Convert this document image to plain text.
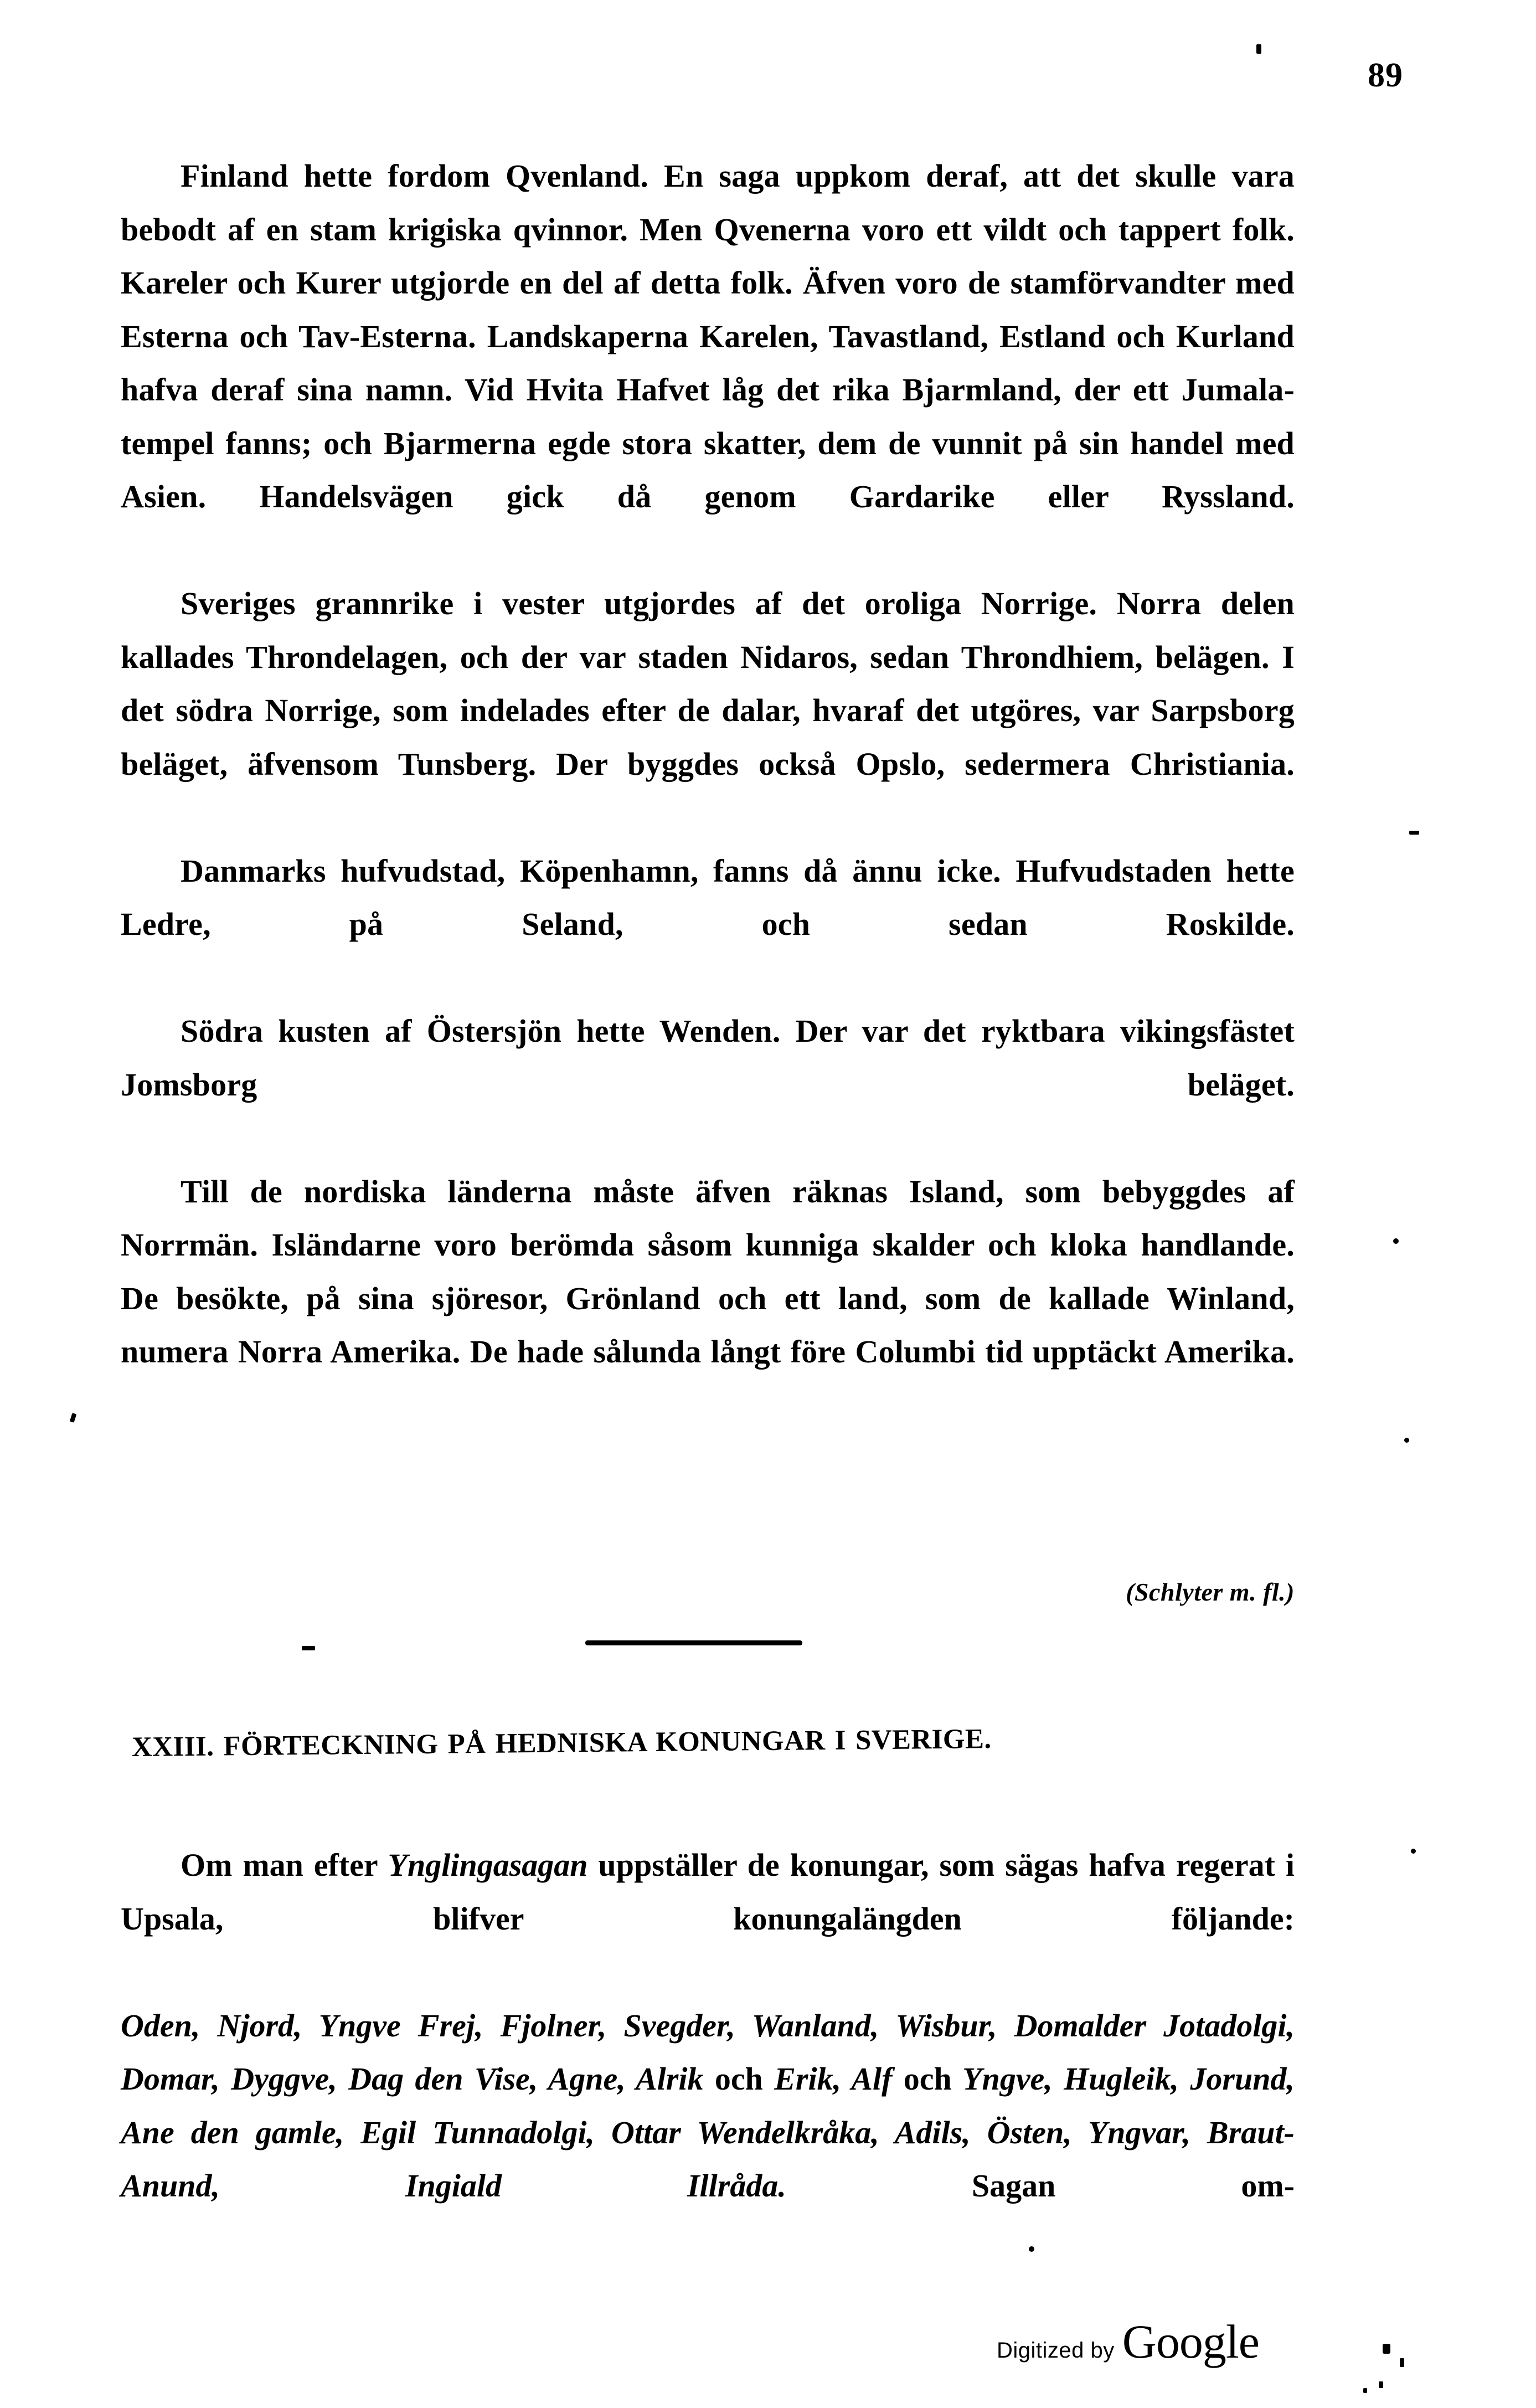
89

Finland hette fordom Qvenland. En saga uppkom deraf, att det skulle vara bebodt af en stam krigiska qvinnor. Men Qvenerna voro ett vildt och tappert folk. Kareler och Kurer utgjorde en del af detta folk. Äfven voro de stamförvandter med Esterna och Tav-Esterna. Landskaperna Karelen, Tavastland, Estland och Kurland hafva deraf sina namn. Vid Hvita Hafvet låg det rika Bjarmland, der ett Jumala-tempel fanns; och Bjarmerna egde stora skatter, dem de vunnit på sin handel med Asien. Handelsvägen gick då genom Gardarike eller Ryssland.

Sveriges grannrike i vester utgjordes af det oroliga Norrige. Norra delen kallades Throndelagen, och der var staden Nidaros, sedan Throndhiem, belägen. I det södra Norrige, som indelades efter de dalar, hvaraf det utgöres, var Sarpsborg beläget, äfvensom Tunsberg. Der byggdes också Opslo, sedermera Christiania.

Danmarks hufvudstad, Köpenhamn, fanns då ännu icke. Hufvudstaden hette Ledre, på Seland, och sedan Roskilde.

Södra kusten af Östersjön hette Wenden. Der var det ryktbara vikingsfästet Jomsborg beläget.

Till de nordiska länderna måste äfven räknas Island, som bebyggdes af Norrmän. Isländarne voro berömda såsom kunniga skalder och kloka handlande. De besökte, på sina sjöresor, Grönland och ett land, som de kallade Winland, numera Norra Amerika. De hade sålunda långt före Columbi tid upptäckt Amerika.

(Schlyter m. fl.)
XXIII. FÖRTECKNING PÅ HEDNISKA KONUNGAR I SVERIGE.

Om man efter Ynglingasagan uppställer de konungar, som sägas hafva regerat i Upsala, blifver konungalängden följande:

Oden, Njord, Yngve Frej, Fjolner, Svegder, Wanland, Wisbur, Domalder Jotadolgi, Domar, Dyggve, Dag den Vise, Agne, Alrik och Erik, Alf och Yngve, Hugleik, Jorund, Ane den gamle, Egil Tunnadolgi, Ottar Wendelkråka, Adils, Östen, Yngvar, Braut-Anund, Ingiald Illråda. Sagan om-

Digitized by Google
